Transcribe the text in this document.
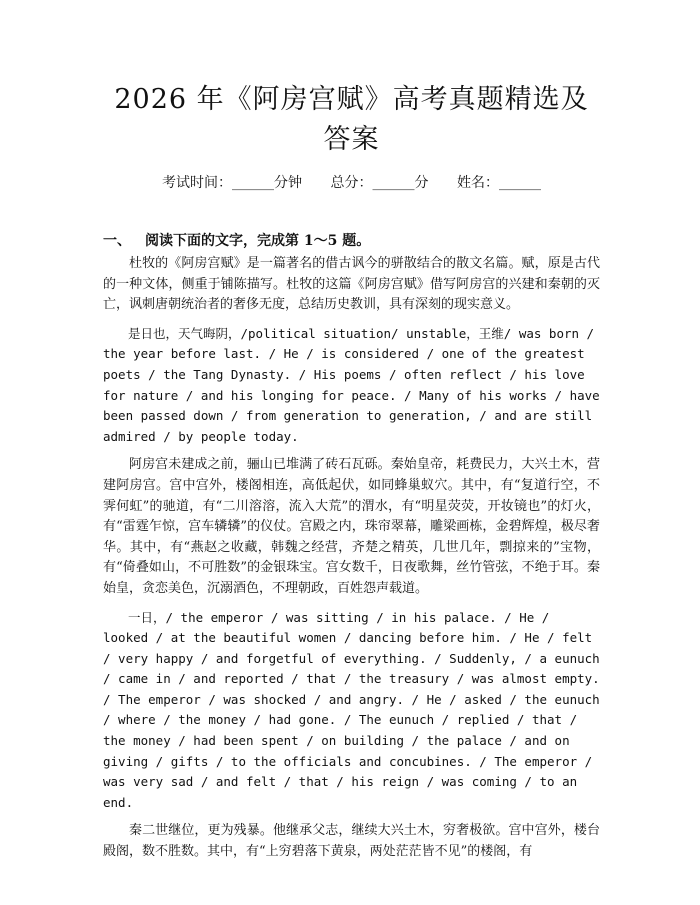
2026 年《阿房宫赋》高考真题精选及答案
考试时间：______分钟 总分：______分 姓名：______
一、 阅读下面的文字，完成第 1～5 题。

杜牧的《阿房宫赋》是一篇著名的借古讽今的骈散结合的散文名篇。赋，原是古代的一种文体，侧重于铺陈描写。杜牧的这篇《阿房宫赋》借写阿房宫的兴建和秦朝的灭亡，讽刺唐朝统治者的奢侈无度，总结历史教训，具有深刻的现实意义。

是日也，天气晦阴，/political situation/ unstable，王维/ was born / the year before last. / He / is considered / one of the greatest poets / the Tang Dynasty. / His poems / often reflect / his love for nature / and his longing for peace. / Many of his works / have been passed down / from generation to generation, / and are still admired / by people today.

阿房宫未建成之前，骊山已堆满了砖石瓦砾。秦始皇帝，耗费民力，大兴土木，营建阿房宫。宫中宫外，楼阁相连，高低起伏，如同蜂巢蚁穴。其中，有“复道行空，不霁何虹”的驰道，有“二川溶溶，流入大荒”的渭水，有“明星荧荧，开妆镜也”的灯火，有“雷霆乍惊，宫车辚辚”的仪仗。宫殿之内，珠帘翠幕，雕梁画栋，金碧辉煌，极尽奢华。其中，有“燕赵之收藏，韩魏之经营，齐楚之精英，几世几年，剽掠来的”宝物，有“倚叠如山，不可胜数”的金银珠宝。宫女数千，日夜歌舞，丝竹管弦，不绝于耳。秦始皇，贪恋美色，沉溺酒色，不理朝政，百姓怨声载道。

一日，/ the emperor / was sitting / in his palace. / He / looked / at the beautiful women / dancing before him. / He / felt / very happy / and forgetful of everything. / Suddenly, / a eunuch / came in / and reported / that / the treasury / was almost empty. / The emperor / was shocked / and angry. / He / asked / the eunuch / where / the money / had gone. / The eunuch / replied / that / the money / had been spent / on building / the palace / and on giving / gifts / to the officials and concubines. / The emperor / was very sad / and felt / that / his reign / was coming / to an end.

秦二世继位，更为残暴。他继承父志，继续大兴土木，穷奢极欲。宫中宫外，楼台殿阁，数不胜数。其中，有“上穷碧落下黄泉，两处茫茫皆不见”的楼阁，有
